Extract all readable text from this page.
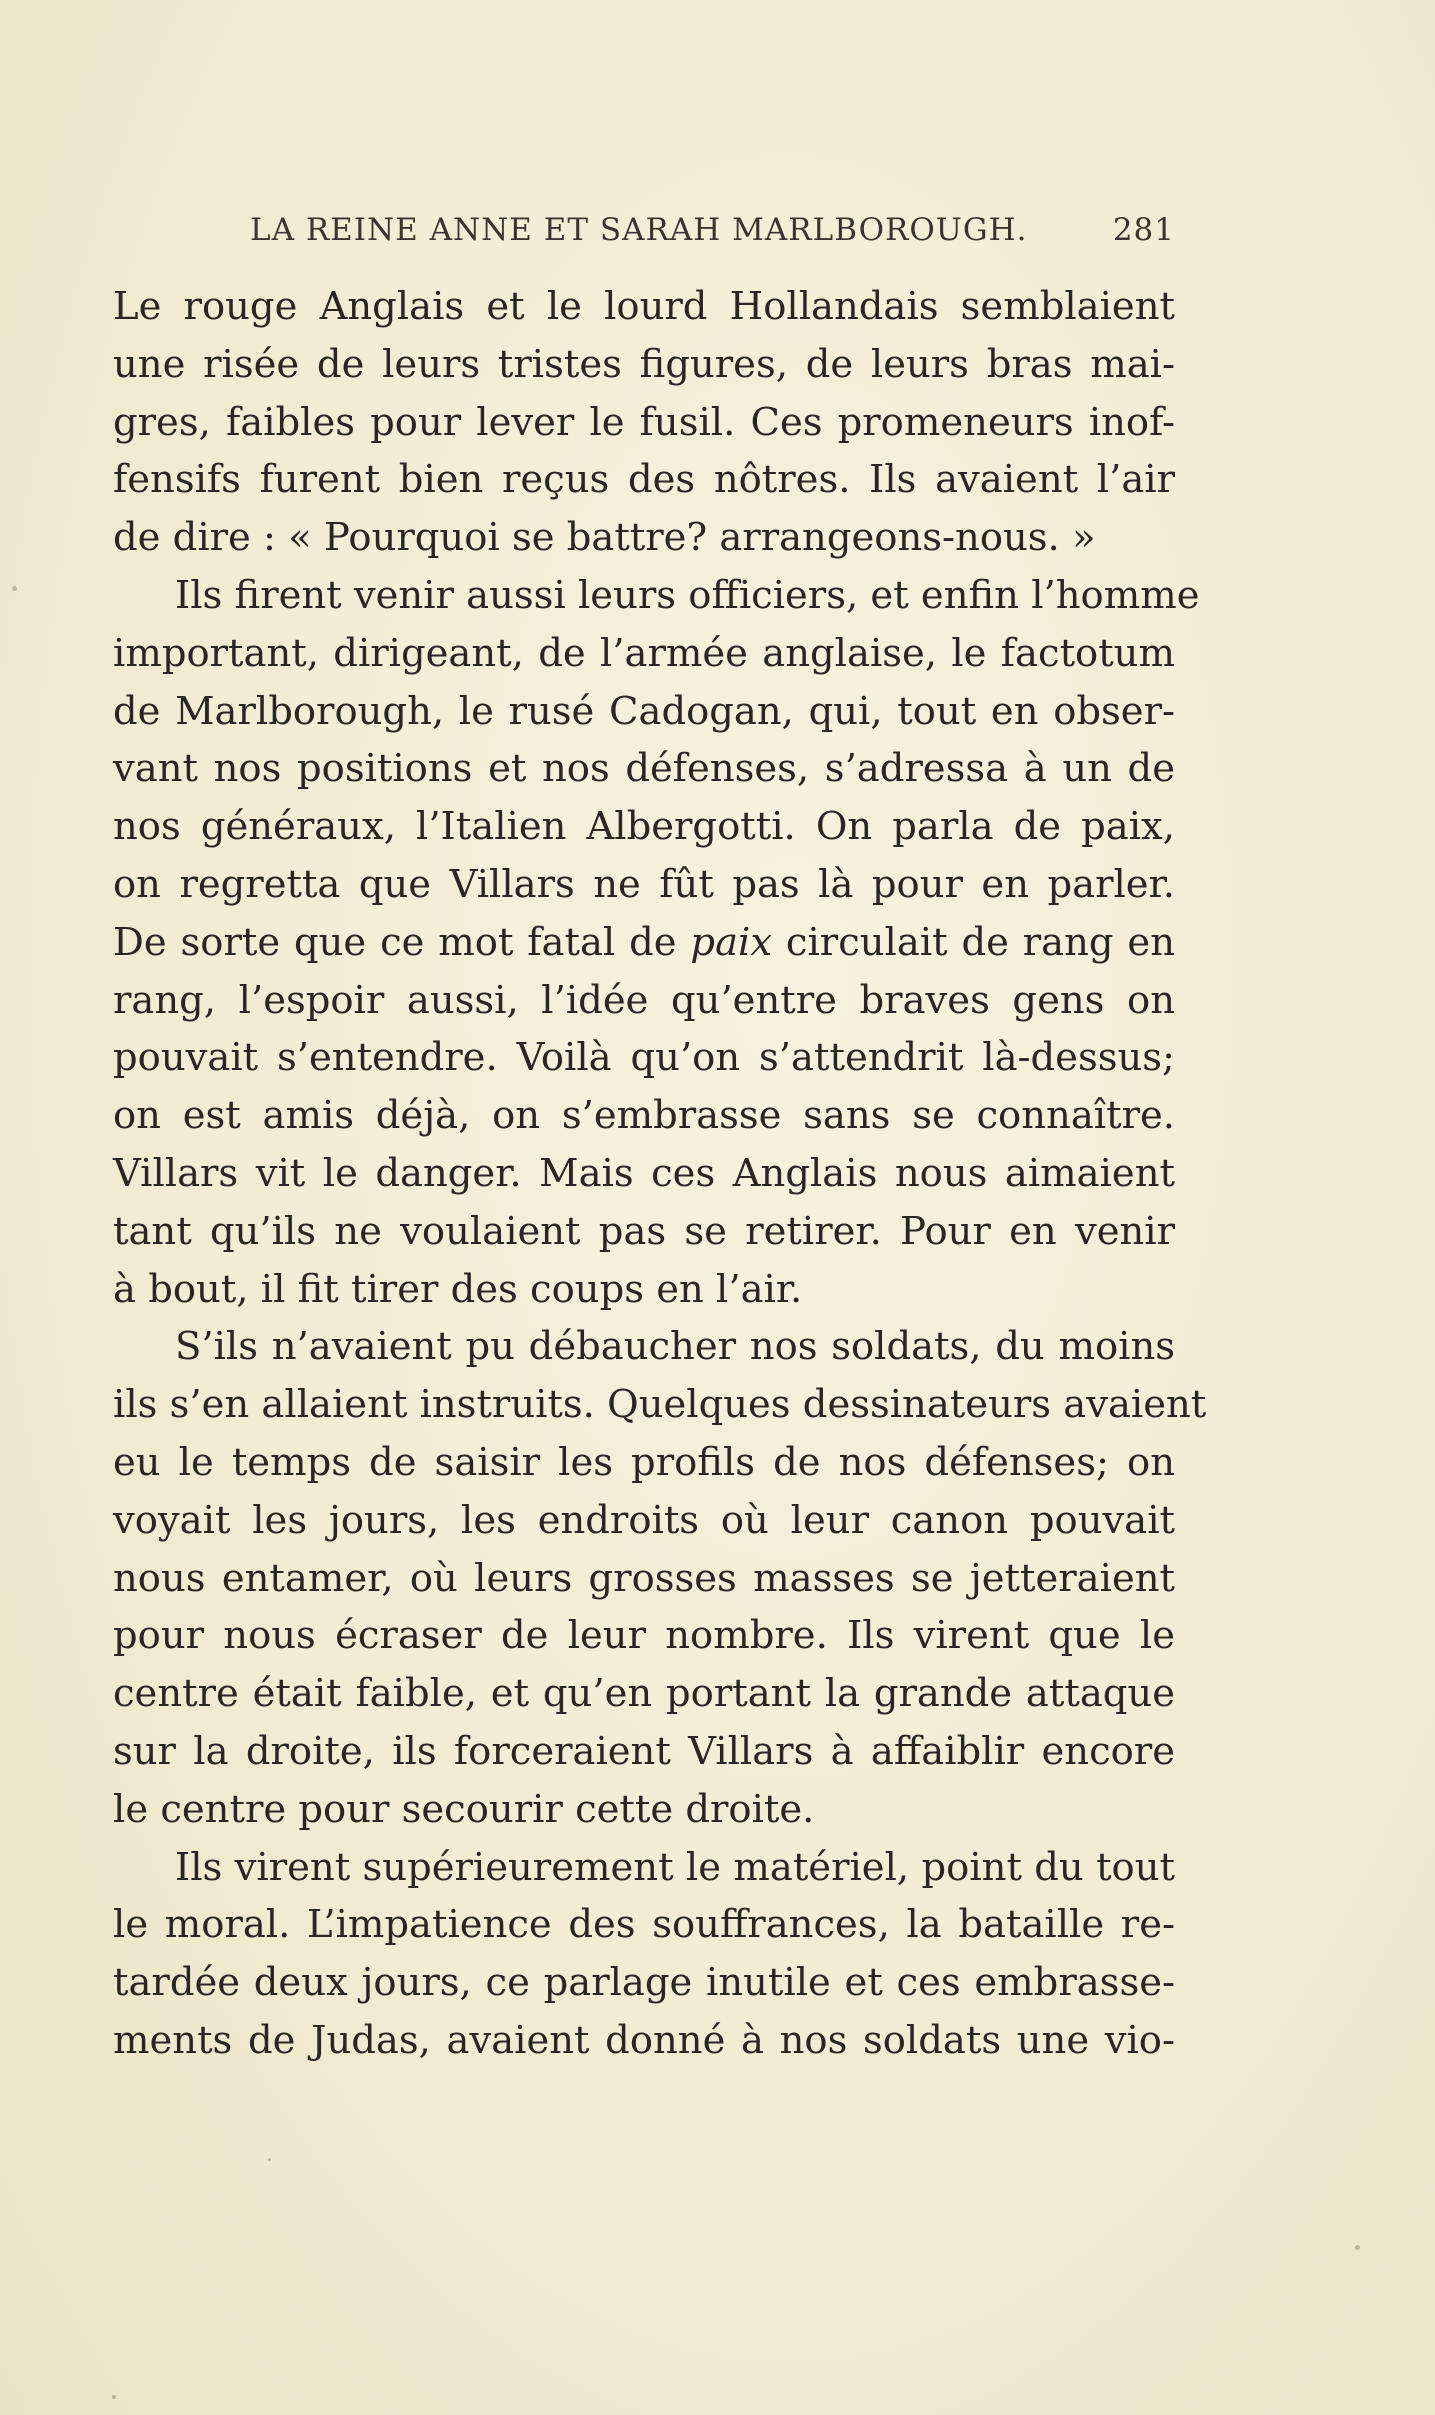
LA REINE ANNE ET SARAH MARLBOROUGH.	281
Le rouge Anglais et le lourd Hollandais semblaient
une risée de leurs tristes figures, de leurs bras mai-
gres, faibles pour lever le fusil. Ces promeneurs inof-
fensifs furent bien reçus des nôtres. Ils avaient l’air
de dire : « Pourquoi se battre? arrangeons-nous. »
Ils firent venir aussi leurs officiers, et enfin l’homme
important, dirigeant, de l’armée anglaise, le factotum
de Marlborough, le rusé Cadogan, qui, tout en obser-
vant nos positions et nos défenses, s’adressa à un de
nos généraux, l’Italien Albergotti. On parla de paix,
on regretta que Villars ne fût pas là pour en parler.
De sorte que ce mot fatal de paix circulait de rang en
rang, l’espoir aussi, l’idée qu’entre braves gens on
pouvait s’entendre. Voilà qu’on s’attendrit là-dessus;
on est amis déjà, on s’embrasse sans se connaître.
Villars vit le danger. Mais ces Anglais nous aimaient
tant qu’ils ne voulaient pas se retirer. Pour en venir
à bout, il fit tirer des coups en l’air.
S’ils n’avaient pu débaucher nos soldats, du moins
ils s’en allaient instruits. Quelques dessinateurs avaient
eu le temps de saisir les profils de nos défenses; on
voyait les jours, les endroits où leur canon pouvait
nous entamer, où leurs grosses masses se jetteraient
pour nous écraser de leur nombre. Ils virent que le
centre était faible, et qu’en portant la grande attaque
sur la droite, ils forceraient Villars à affaiblir encore
le centre pour secourir cette droite.
Ils virent supérieurement le matériel, point du tout
le moral. L’impatience des souffrances, la bataille re-
tardée deux jours, ce parlage inutile et ces embrasse-
ments de Judas, avaient donné à nos soldats une vio-
